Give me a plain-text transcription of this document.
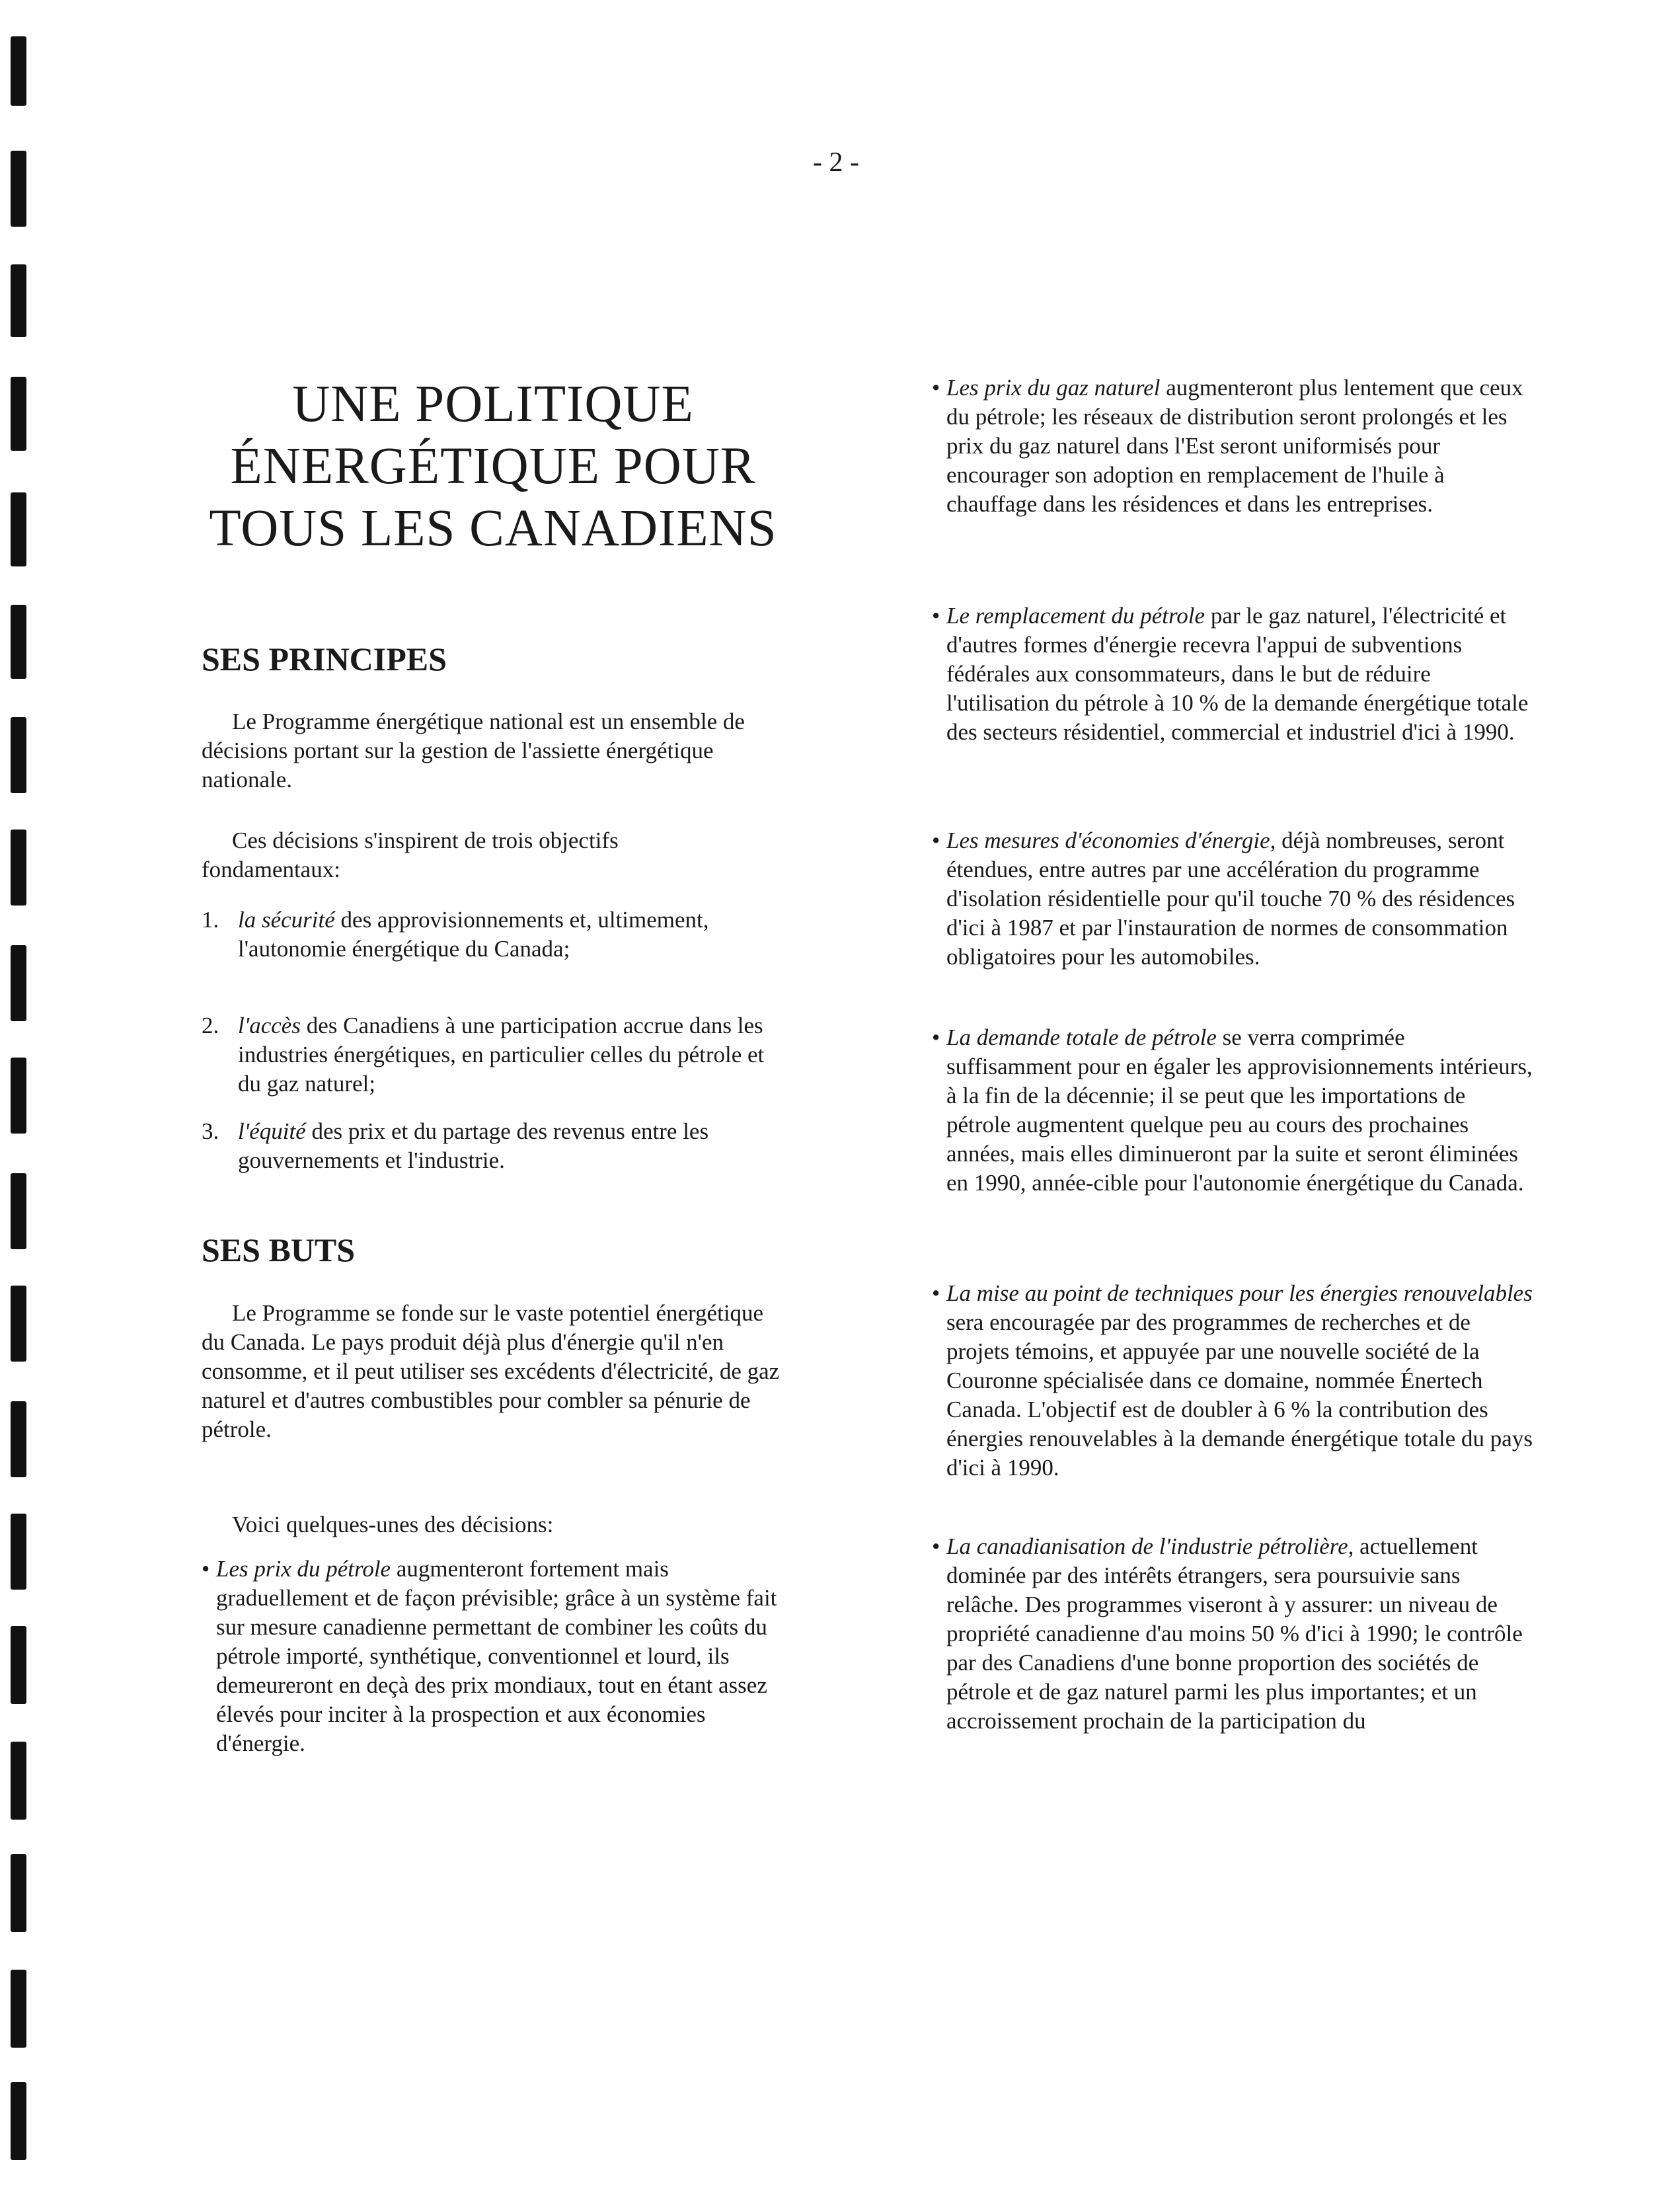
- 2 -
UNE POLITIQUE
ÉNERGÉTIQUE POUR
TOUS LES CANADIENS
SES PRINCIPES

Le Programme énergétique national est un ensemble de décisions portant sur la gestion de l'assiette énergétique nationale.

Ces décisions s'inspirent de trois objectifs fondamentaux:

1. la sécurité des approvisionnements et, ultimement, l'autonomie énergétique du Canada;
2. l'accès des Canadiens à une participation accrue dans les industries énergétiques, en particulier celles du pétrole et du gaz naturel;
3. l'équité des prix et du partage des revenus entre les gouvernements et l'industrie.
SES BUTS

Le Programme se fonde sur le vaste potentiel énergétique du Canada. Le pays produit déjà plus d'énergie qu'il n'en consomme, et il peut utiliser ses excédents d'électricité, de gaz naturel et d'autres combustibles pour combler sa pénurie de pétrole.

Voici quelques-unes des décisions:

• Les prix du pétrole augmenteront fortement mais graduellement et de façon prévisible; grâce à un système fait sur mesure canadienne permettant de combiner les coûts du pétrole importé, synthétique, conventionnel et lourd, ils demeureront en deçà des prix mondiaux, tout en étant assez élevés pour inciter à la prospection et aux économies d'énergie.
• Les prix du gaz naturel augmenteront plus lentement que ceux du pétrole; les réseaux de distribution seront prolongés et les prix du gaz naturel dans l'Est seront uniformisés pour encourager son adoption en remplacement de l'huile à chauffage dans les résidences et dans les entreprises.
• Le remplacement du pétrole par le gaz naturel, l'électricité et d'autres formes d'énergie recevra l'appui de subventions fédérales aux consommateurs, dans le but de réduire l'utilisation du pétrole à 10 % de la demande énergétique totale des secteurs résidentiel, commercial et industriel d'ici à 1990.
• Les mesures d'économies d'énergie, déjà nombreuses, seront étendues, entre autres par une accélération du programme d'isolation résidentielle pour qu'il touche 70 % des résidences d'ici à 1987 et par l'instauration de normes de consommation obligatoires pour les automobiles.
• La demande totale de pétrole se verra comprimée suffisamment pour en égaler les approvisionnements intérieurs, à la fin de la décennie; il se peut que les importations de pétrole augmentent quelque peu au cours des prochaines années, mais elles diminueront par la suite et seront éliminées en 1990, année-cible pour l'autonomie énergétique du Canada.
• La mise au point de techniques pour les énergies renouvelables sera encouragée par des programmes de recherches et de projets témoins, et appuyée par une nouvelle société de la Couronne spécialisée dans ce domaine, nommée Énertech Canada. L'objectif est de doubler à 6 % la contribution des énergies renouvelables à la demande énergétique totale du pays d'ici à 1990.
• La canadianisation de l'industrie pétrolière, actuellement dominée par des intérêts étrangers, sera poursuivie sans relâche. Des programmes viseront à y assurer: un niveau de propriété canadienne d'au moins 50 % d'ici à 1990; le contrôle par des Canadiens d'une bonne proportion des sociétés de pétrole et de gaz naturel parmi les plus importantes; et un accroissement prochain de la participation du
